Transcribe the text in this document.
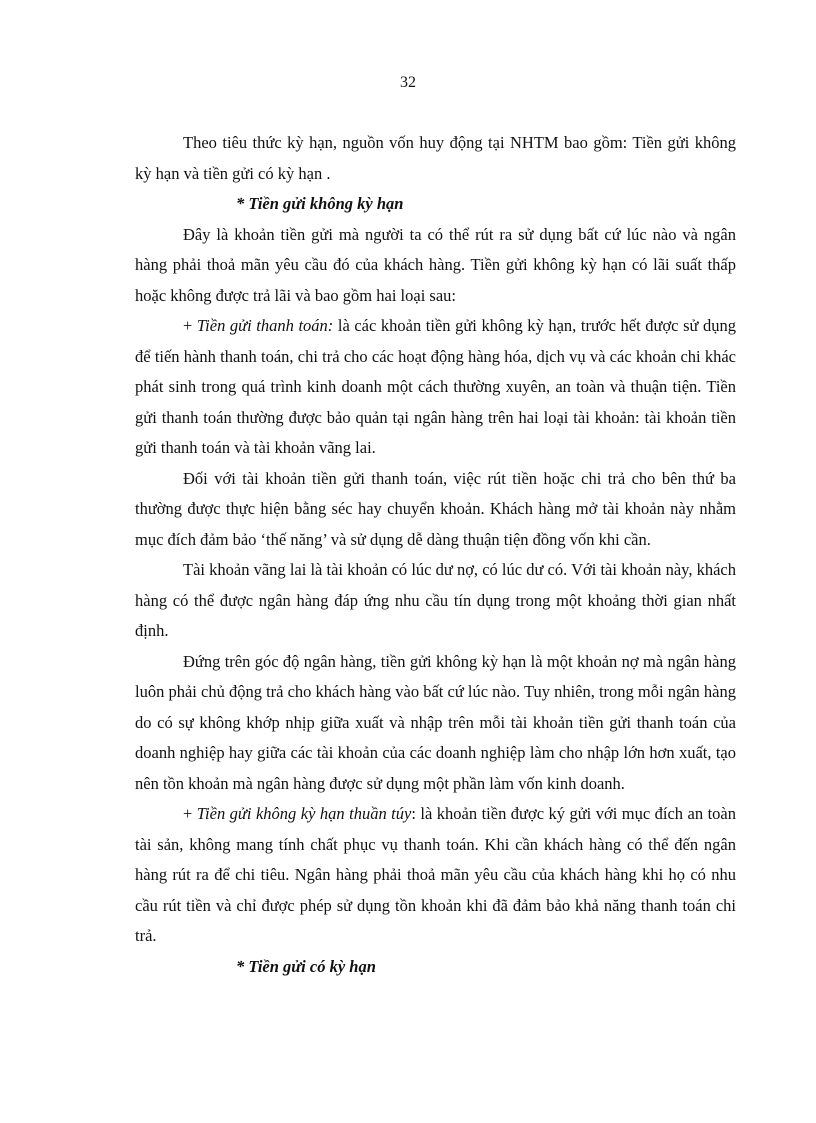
32

Theo tiêu thức kỳ hạn, nguồn vốn huy động tại NHTM bao gồm: Tiền gửi không kỳ hạn và tiền gửi có kỳ hạn .

* Tiền gửi không kỳ hạn

Đây là khoản tiền gửi mà người ta có thể rút ra sử dụng bất cứ lúc nào và ngân hàng phải thoả mãn yêu cầu đó của khách hàng. Tiền gửi không kỳ hạn có lãi suất thấp hoặc không được trả lãi và bao gồm hai loại sau:

+ Tiền gửi thanh toán: là các khoản tiền gửi không kỳ hạn, trước hết được sử dụng để tiến hành thanh toán, chi trả cho các hoạt động hàng hóa, dịch vụ và các khoản chi khác phát sinh trong quá trình kinh doanh một cách thường xuyên, an toàn và thuận tiện. Tiền gửi thanh toán thường được bảo quản tại ngân hàng trên hai loại tài khoản: tài khoản tiền gửi thanh toán và tài khoản vãng lai.

Đối với tài khoản tiền gửi thanh toán, việc rút tiền hoặc chi trả cho bên thứ ba thường được thực hiện bằng séc hay chuyển khoản. Khách hàng mở tài khoản này nhằm mục đích đảm bảo ‘thế năng’ và sử dụng dễ dàng thuận tiện đồng vốn khi cần.

Tài khoản vãng lai là tài khoản có lúc dư nợ, có lúc dư có. Với tài khoản này, khách hàng có thể được ngân hàng đáp ứng nhu cầu tín dụng trong một khoảng thời gian nhất định.

Đứng trên góc độ ngân hàng, tiền gửi không kỳ hạn là một khoản nợ mà ngân hàng luôn phải chủ động trả cho khách hàng vào bất cứ lúc nào. Tuy nhiên, trong mỗi ngân hàng do có sự không khớp nhịp giữa xuất và nhập trên mỗi tài khoản tiền gửi thanh toán của doanh nghiệp hay giữa các tài khoản của các doanh nghiệp làm cho nhập lớn hơn xuất, tạo nên tồn khoản mà ngân hàng được sử dụng một phần làm vốn kinh doanh.

+ Tiền gửi không kỳ hạn thuần túy: là khoản tiền được ký gửi với mục đích an toàn tài sản, không mang tính chất phục vụ thanh toán. Khi cần khách hàng có thể đến ngân hàng rút ra để chi tiêu. Ngân hàng phải thoả mãn yêu cầu của khách hàng khi họ có nhu cầu rút tiền và chỉ được phép sử dụng tồn khoản khi đã đảm bảo khả năng thanh toán chi trả.

* Tiền gửi có kỳ hạn
